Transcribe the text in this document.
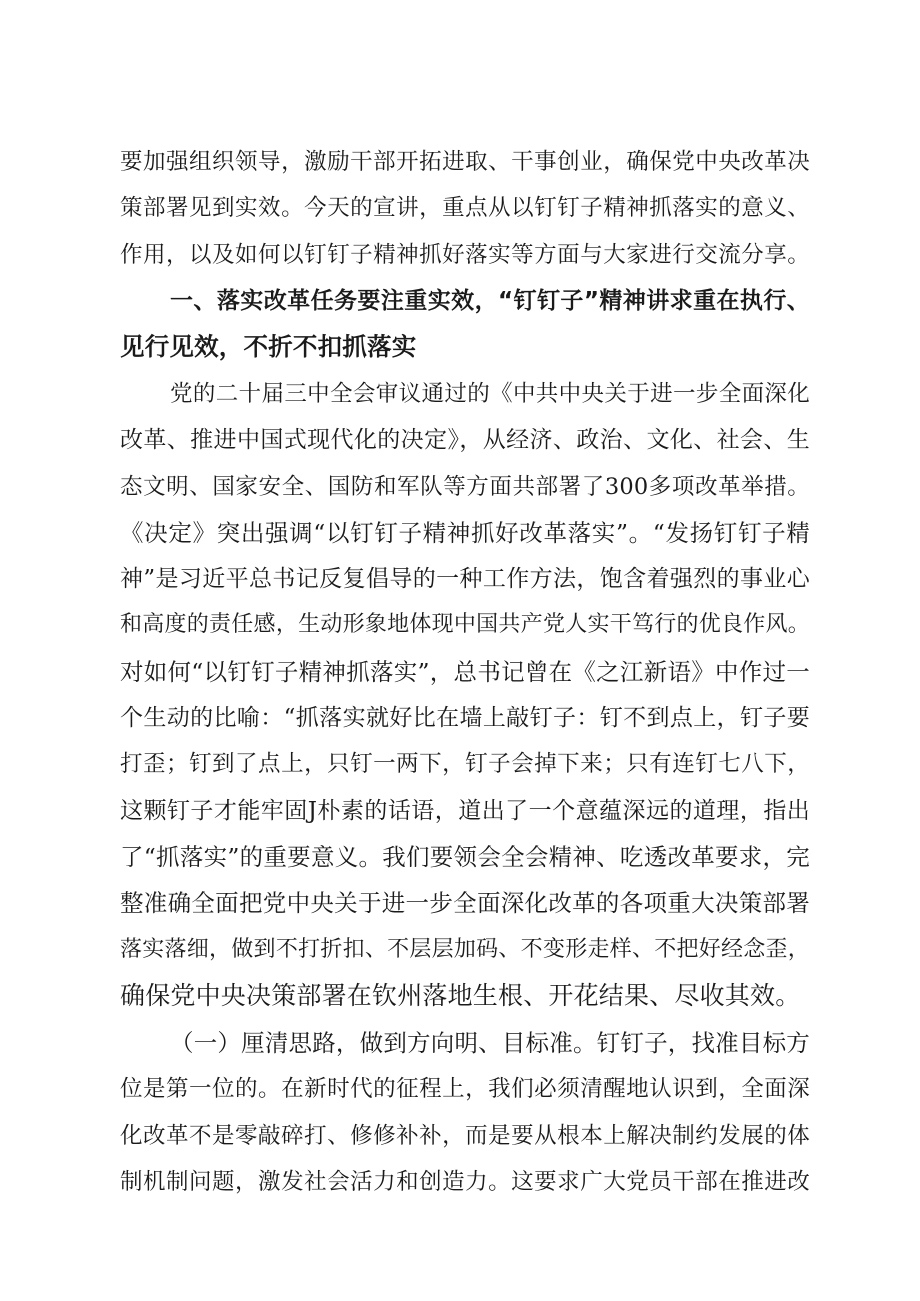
要加强组织领导，激励干部开拓进取、干事创业，确保党中央改革决
策部署见到实效。今天的宣讲，重点从以钉钉子精神抓落实的意义、
作用，以及如何以钉钉子精神抓好落实等方面与大家进行交流分享。
一、落实改革任务要注重实效，“钉钉子”精神讲求重在执行、
见行见效，不折不扣抓落实
党的二十届三中全会审议通过的《中共中央关于进一步全面深化
改革、推进中国式现代化的决定》，从经济、政治、文化、社会、生
态文明、国家安全、国防和军队等方面共部署了300多项改革举措。
《决定》突出强调“以钉钉子精神抓好改革落实”。“发扬钉钉子精
神”是习近平总书记反复倡导的一种工作方法，饱含着强烈的事业心
和高度的责任感，生动形象地体现中国共产党人实干笃行的优良作风。
对如何“以钉钉子精神抓落实”，总书记曾在《之江新语》中作过一
个生动的比喻：“抓落实就好比在墙上敲钉子：钉不到点上，钉子要
打歪；钉到了点上，只钉一两下，钉子会掉下来；只有连钉七八下，
这颗钉子才能牢固J朴素的话语，道出了一个意蕴深远的道理，指出
了“抓落实”的重要意义。我们要领会全会精神、吃透改革要求，完
整准确全面把党中央关于进一步全面深化改革的各项重大决策部署
落实落细，做到不打折扣、不层层加码、不变形走样、不把好经念歪，
确保党中央决策部署在钦州落地生根、开花结果、尽收其效。
（一）厘清思路，做到方向明、目标准。钉钉子，找准目标方
位是第一位的。在新时代的征程上，我们必须清醒地认识到，全面深
化改革不是零敲碎打、修修补补，而是要从根本上解决制约发展的体
制机制问题，激发社会活力和创造力。这要求广大党员干部在推进改
